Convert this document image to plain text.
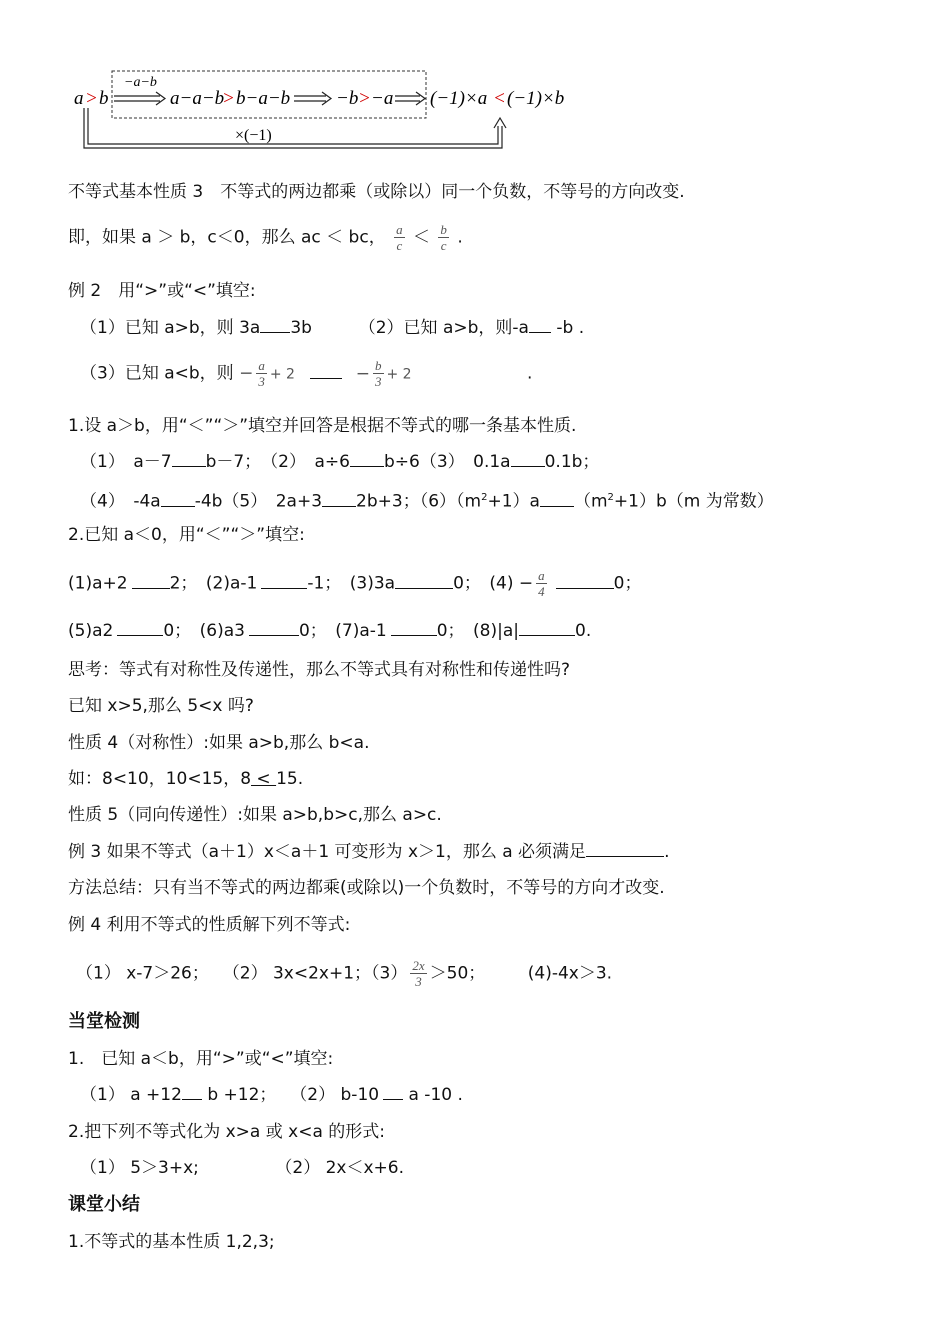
a > b
−a−b
a−a−b
> b−a−b −b > −a (−1)×a < (−1)×b
×(−1)
不等式基本性质 3　不等式的两边都乘（或除以）同一个负数，不等号的方向改变.
即，如果 a ＞ b，c＜0，那么 ac ＜ bc， $\frac{a}{c} < \frac{b}{c}$ .
例 2　用“>”或“<”填空:
（1）已知 a>b，则 3a 3b	（2）已知 a>b，则-a -b .
（3）已知 a<b，则 − $\frac{a}{3} + 2$	− $\frac{b}{3} + 2$	.
1.设 a＞b，用“＜”“＞”填空并回答是根据不等式的哪一条基本性质.
（1）　a－7 b－7；　（2）　a÷6 b÷6（3）　0.1a 0.1b；
（4）　-4a -4b（5）　2a+3 2b+3；$(6)(m^2+1)a$ $(m^2+1)b(m$ 为常数）
2.已知 a＜0，用“＜”“＞”填空:
(1)a+2 2；　(2)a-1	-1；　(3)3a	0；　$(4) - \frac{a}{4}$	0；
(5)a2	0；　(6)a3	0；　(7)a-1	0；　(8)|a|	0.
思考：等式有对称性及传递性，那么不等式具有对称性和传递性吗?
已知 x>5,那么 5<x 吗?
性质 4（对称性）:如果 a>b,那么 b<a.
如：8<10，10<15，8 < 15.
性质 5（同向传递性）:如果 a>b,b>c,那么 a>c.
例 3 如果不等式（a＋1）x＜a＋1 可变形为 x＞1，那么 a 必须满足	.
方法总结：只有当不等式的两边都乘(或除以)一个负数时，不等号的方向才改变.
例 4 利用不等式的性质解下列不等式:
（1） x-7＞26；　 （2） 3x<2x+1；$(3) \frac{2x}{3} >50$；　　　(4)-4x＞3.
当堂检测
1.　已知 a＜b，用“>”或“<”填空:
（1） a +12 b +12；　 （2） b-10 a -10 .
2.把下列不等式化为 x>a 或 x<a 的形式:
（1） 5＞3+x;　　　　　（2） 2x＜x+6.
课堂小结
1.不等式的基本性质 1,2,3;
